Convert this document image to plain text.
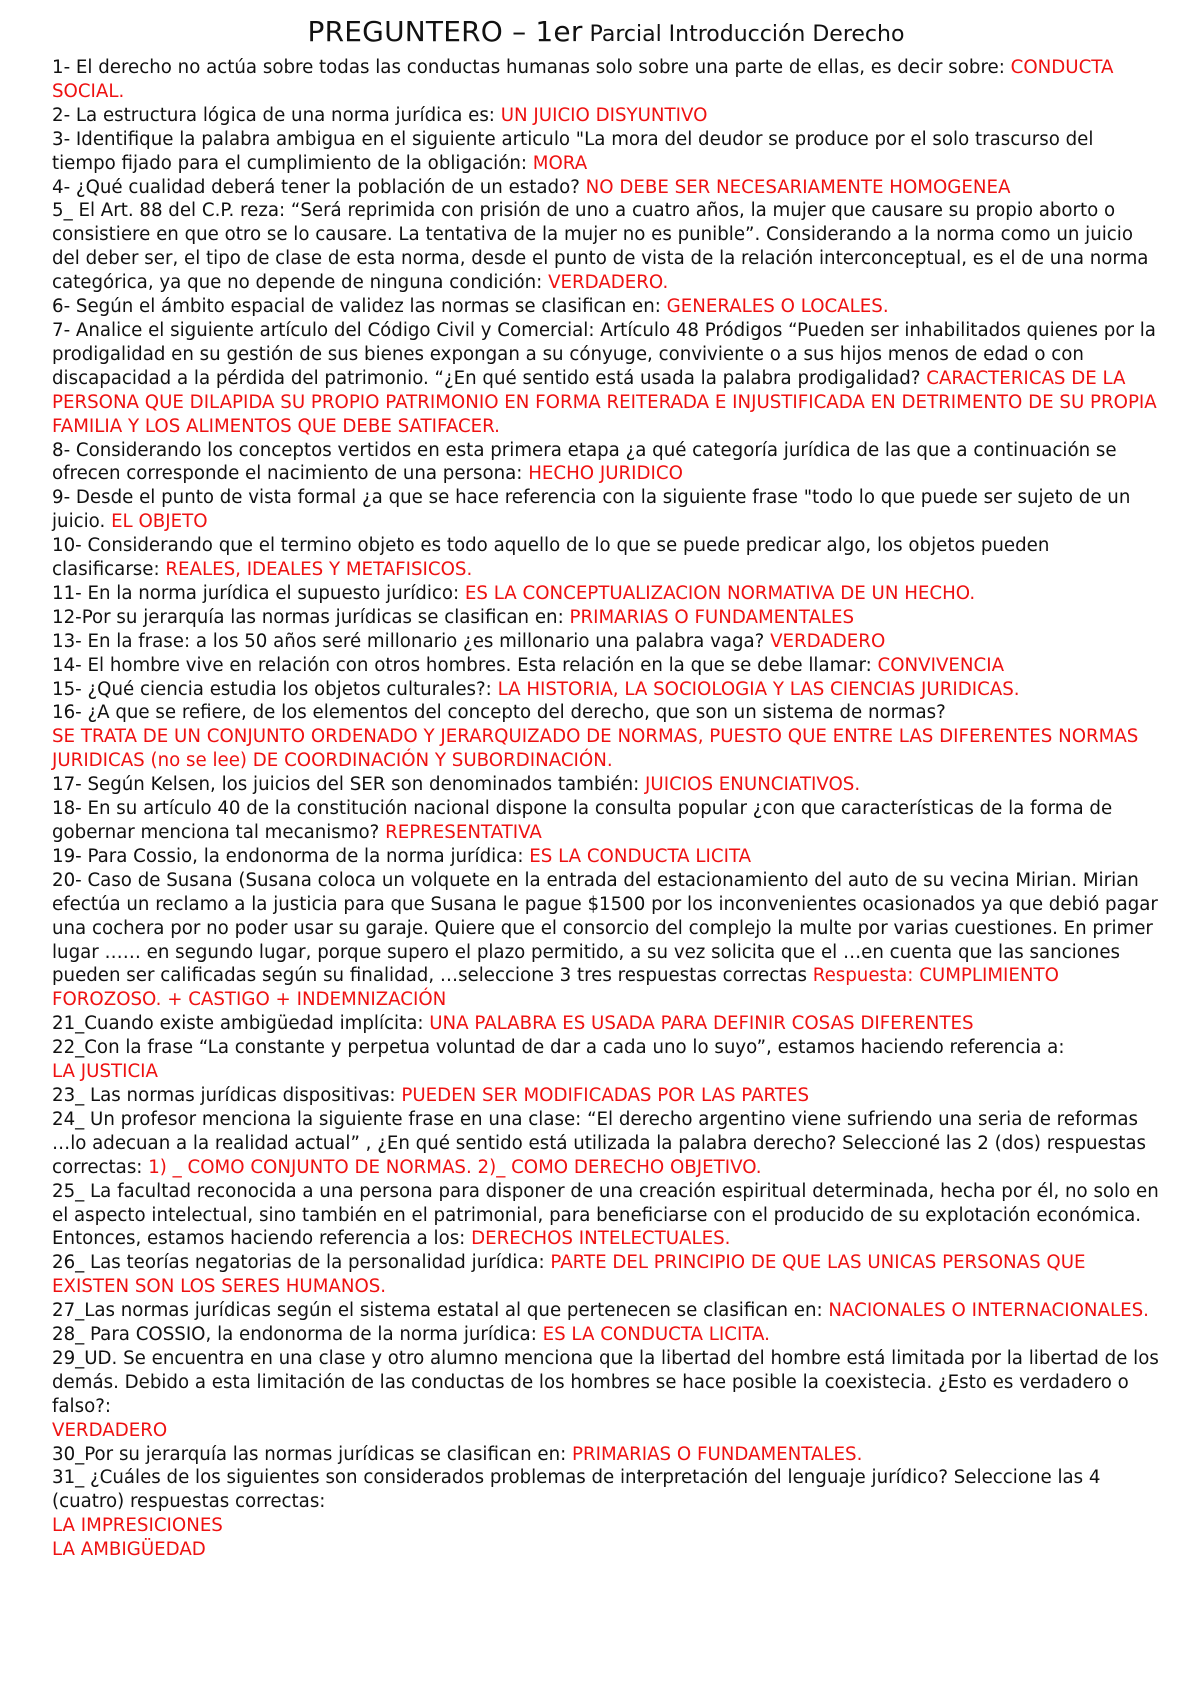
PREGUNTERO – 1er Parcial Introducción Derecho
1- El derecho no actúa sobre todas las conductas humanas solo sobre una parte de ellas, es decir sobre: CONDUCTA SOCIAL.
2- La estructura lógica de una norma jurídica es: UN JUICIO DISYUNTIVO
3- Identifique la palabra ambigua en el siguiente articulo "La mora del deudor se produce por el solo trascurso del tiempo fijado para el cumplimiento de la obligación: MORA
4- ¿Qué cualidad deberá tener la población de un estado? NO DEBE SER NECESARIAMENTE HOMOGENEA
5_ El Art. 88 del C.P. reza: “Será reprimida con prisión de uno a cuatro años, la mujer que causare su propio aborto o consistiere en que otro se lo causare. La tentativa de la mujer no es punible”. Considerando a la norma como un juicio del deber ser, el tipo de clase de esta norma, desde el punto de vista de la relación interconceptual, es el de una norma categórica, ya que no depende de ninguna condición: VERDADERO.
6- Según el ámbito espacial de validez las normas se clasifican en: GENERALES O LOCALES.
7- Analice el siguiente artículo del Código Civil y Comercial: Artículo 48 Pródigos “Pueden ser inhabilitados quienes por la prodigalidad en su gestión de sus bienes expongan a su cónyuge, conviviente o a sus hijos menos de edad o con discapacidad a la pérdida del patrimonio. “¿En qué sentido está usada la palabra prodigalidad? CARACTERICAS DE LA PERSONA QUE DILAPIDA SU PROPIO PATRIMONIO EN FORMA REITERADA E INJUSTIFICADA EN DETRIMENTO DE SU PROPIA FAMILIA Y LOS ALIMENTOS QUE DEBE SATIFACER.
8- Considerando los conceptos vertidos en esta primera etapa ¿a qué categoría jurídica de las que a continuación se ofrecen corresponde el nacimiento de una persona: HECHO JURIDICO
9- Desde el punto de vista formal ¿a que se hace referencia con la siguiente frase "todo lo que puede ser sujeto de un juicio. EL OBJETO
10- Considerando que el termino objeto es todo aquello de lo que se puede predicar algo, los objetos pueden clasificarse: REALES, IDEALES Y METAFISICOS.
11- En la norma jurídica el supuesto jurídico: ES LA CONCEPTUALIZACION NORMATIVA DE UN HECHO.
12-Por su jerarquía las normas jurídicas se clasifican en: PRIMARIAS O FUNDAMENTALES
13- En la frase: a los 50 años seré millonario ¿es millonario una palabra vaga? VERDADERO
14- El hombre vive en relación con otros hombres. Esta relación en la que se debe llamar: CONVIVENCIA
15- ¿Qué ciencia estudia los objetos culturales?: LA HISTORIA, LA SOCIOLOGIA Y LAS CIENCIAS JURIDICAS.
16- ¿A que se refiere, de los elementos del concepto del derecho, que son un sistema de normas?
SE TRATA DE UN CONJUNTO ORDENADO Y JERARQUIZADO DE NORMAS, PUESTO QUE ENTRE LAS DIFERENTES NORMAS JURIDICAS (no se lee) DE COORDINACIÓN Y SUBORDINACIÓN.
17- Según Kelsen, los juicios del SER son denominados también: JUICIOS ENUNCIATIVOS.
18- En su artículo 40 de la constitución nacional dispone la consulta popular ¿con que características de la forma de gobernar menciona tal mecanismo? REPRESENTATIVA
19- Para Cossio, la endonorma de la norma jurídica: ES LA CONDUCTA LICITA
20- Caso de Susana (Susana coloca un volquete en la entrada del estacionamiento del auto de su vecina Mirian. Mirian efectúa un reclamo a la justicia para que Susana le pague $1500 por los inconvenientes ocasionados ya que debió pagar una cochera por no poder usar su garaje. Quiere que el consorcio del complejo la multe por varias cuestiones. En primer lugar …… en segundo lugar, porque supero el plazo permitido, a su vez solicita que el …en cuenta que las sanciones pueden ser calificadas según su finalidad, …seleccione 3 tres respuestas correctas Respuesta: CUMPLIMIENTO FOROZOSO. + CASTIGO + INDEMNIZACIÓN
21_Cuando existe ambigüedad implícita: UNA PALABRA ES USADA PARA DEFINIR COSAS DIFERENTES
22_Con la frase “La constante y perpetua voluntad de dar a cada uno lo suyo”, estamos haciendo referencia a:
LA JUSTICIA
23_ Las normas jurídicas dispositivas: PUEDEN SER MODIFICADAS POR LAS PARTES
24_ Un profesor menciona la siguiente frase en una clase: “El derecho argentino viene sufriendo una seria de reformas …lo adecuan a la realidad actual” , ¿En qué sentido está utilizada la palabra derecho? Seleccioné las 2 (dos) respuestas correctas: 1) _ COMO CONJUNTO DE NORMAS. 2)_ COMO DERECHO OBJETIVO.
25_ La facultad reconocida a una persona para disponer de una creación espiritual determinada, hecha por él, no solo en el aspecto intelectual, sino también en el patrimonial, para beneficiarse con el producido de su explotación económica. Entonces, estamos haciendo referencia a los: DERECHOS INTELECTUALES.
26_ Las teorías negatorias de la personalidad jurídica: PARTE DEL PRINCIPIO DE QUE LAS UNICAS PERSONAS QUE EXISTEN SON LOS SERES HUMANOS.
27_Las normas jurídicas según el sistema estatal al que pertenecen se clasifican en: NACIONALES O INTERNACIONALES.
28_ Para COSSIO, la endonorma de la norma jurídica: ES LA CONDUCTA LICITA.
29_UD. Se encuentra en una clase y otro alumno menciona que la libertad del hombre está limitada por la libertad de los demás. Debido a esta limitación de las conductas de los hombres se hace posible la coexistecia. ¿Esto es verdadero o falso?:
VERDADERO
30_Por su jerarquía las normas jurídicas se clasifican en: PRIMARIAS O FUNDAMENTALES.
31_ ¿Cuáles de los siguientes son considerados problemas de interpretación del lenguaje jurídico? Seleccione las 4 (cuatro) respuestas correctas:
LA IMPRESICIONES
LA AMBIGÜEDAD
